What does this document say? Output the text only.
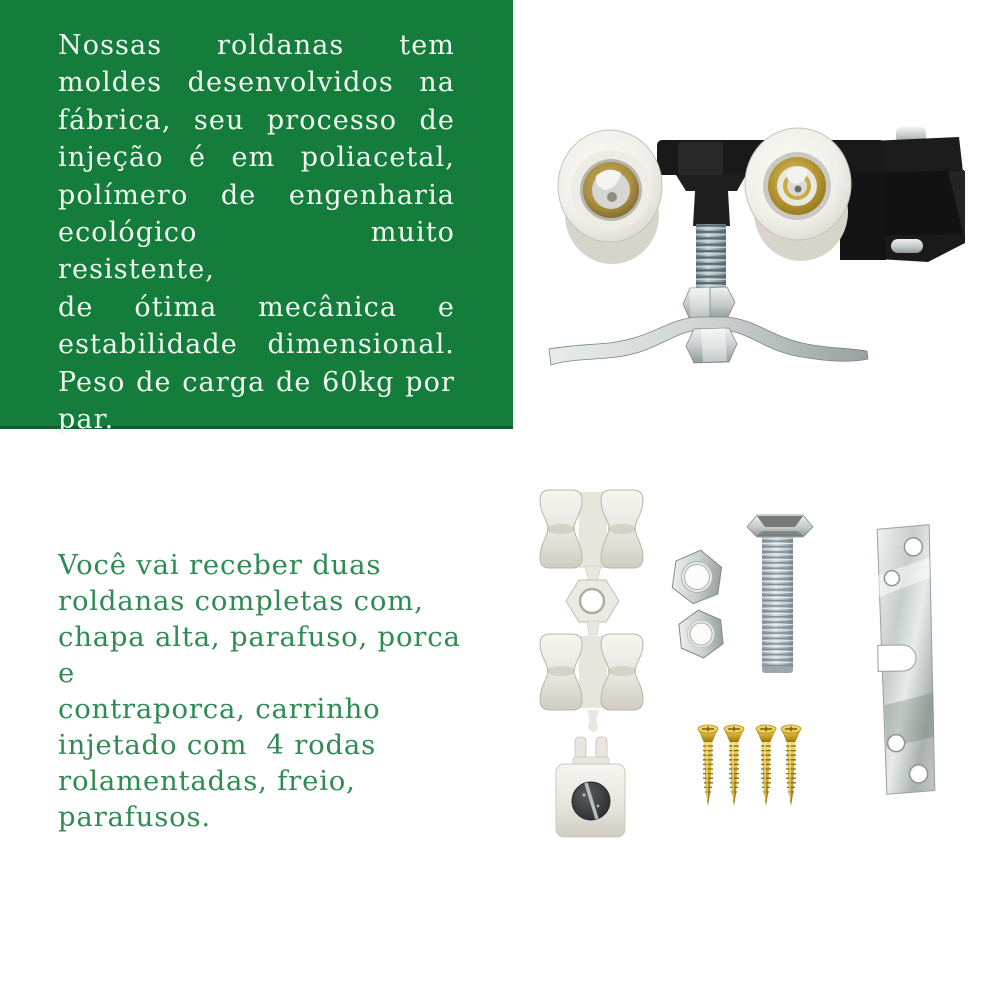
Nossas roldanas tem
moldes desenvolvidos na
fábrica, seu processo de
injeção é em poliacetal,
polímero de engenharia
ecológico muito resistente,
de ótima mecânica e
estabilidade dimensional.
Peso de carga de 60kg por
par.
Você vai receber duas
roldanas completas com,
chapa alta, parafuso, porca e
contraporca, carrinho
injetado com  4 rodas
rolamentadas, freio,
parafusos.
